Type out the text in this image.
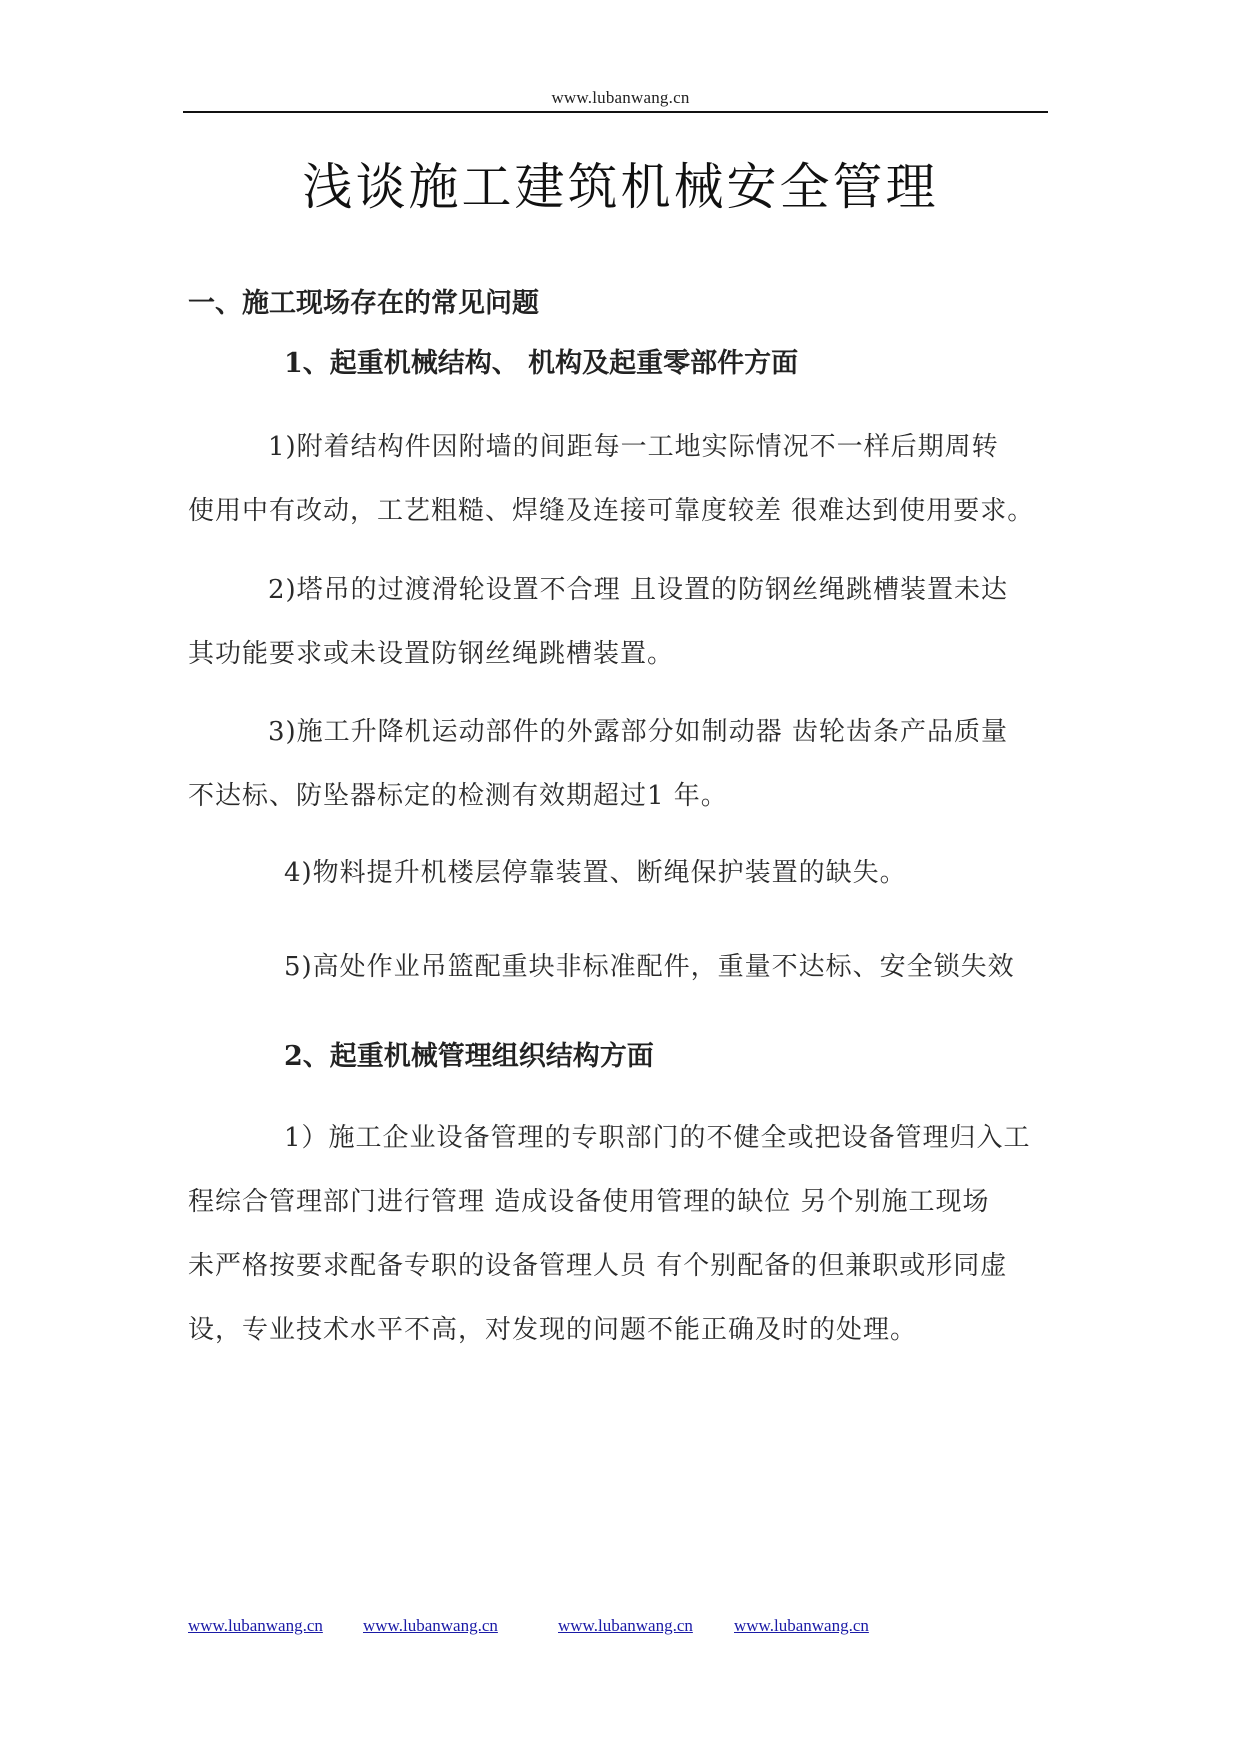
www.lubanwang.cn
浅谈施工建筑机械安全管理
一、施工现场存在的常见问题
1、起重机械结构、 机构及起重零部件方面

1)附着结构件因附墙的间距每一工地实际情况不一样后期周转
使用中有改动，工艺粗糙、焊缝及连接可靠度较差 很难达到使用要求。

2)塔吊的过渡滑轮设置不合理 且设置的防钢丝绳跳槽装置未达
其功能要求或未设置防钢丝绳跳槽装置。

3)施工升降机运动部件的外露部分如制动器 齿轮齿条产品质量
不达标、防坠器标定的检测有效期超过1 年。

4)物料提升机楼层停靠装置、断绳保护装置的缺失。

5)高处作业吊篮配重块非标准配件，重量不达标、安全锁失效

2、起重机械管理组织结构方面

1）施工企业设备管理的专职部门的不健全或把设备管理归入工
程综合管理部门进行管理 造成设备使用管理的缺位 另个别施工现场
未严格按要求配备专职的设备管理人员 有个别配备的但兼职或形同虚
设，专业技术水平不高，对发现的问题不能正确及时的处理。

www.lubanwang.cn www.lubanwang.cn	www.lubanwang.cn www.lubanwang.cn
